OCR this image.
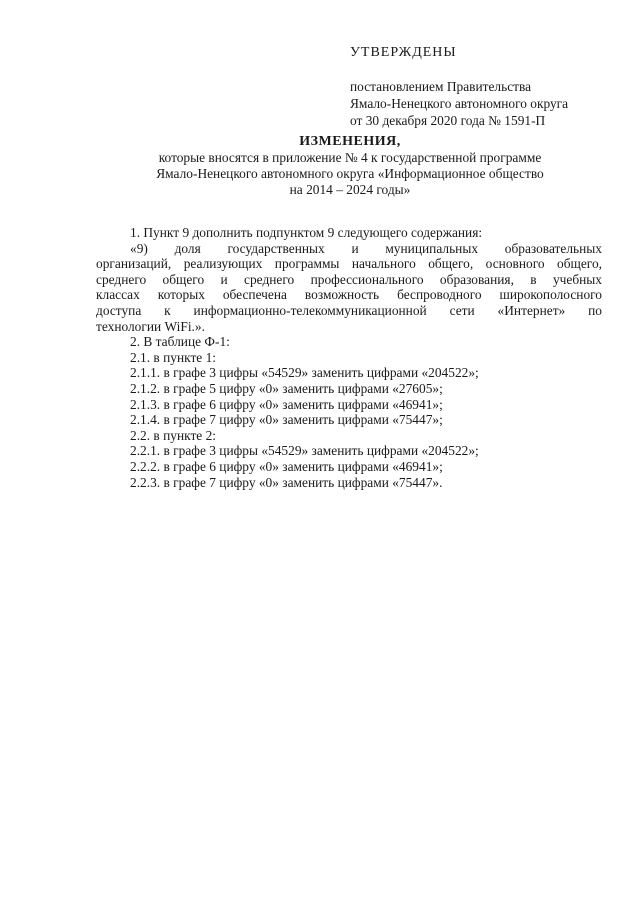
УТВЕРЖДЕНЫ
постановлением Правительства
Ямало-Ненецкого автономного округа
от 30 декабря 2020 года № 1591-П
ИЗМЕНЕНИЯ,
которые вносятся в приложение № 4 к государственной программе
Ямало-Ненецкого автономного округа «Информационное общество
на 2014 – 2024 годы»
1. Пункт 9 дополнить подпунктом 9 следующего содержания:
«9) доля государственных и муниципальных образовательных
организаций, реализующих программы начального общего, основного общего,
среднего общего и среднего профессионального образования, в учебных
классах которых обеспечена возможность беспроводного широкополосного
доступа к информационно-телекоммуникационной сети «Интернет» по
технологии WiFi.».
2. В таблице Ф-1:
2.1. в пункте 1:
2.1.1. в графе 3 цифры «54529» заменить цифрами «204522»;
2.1.2. в графе 5 цифру «0» заменить цифрами «27605»;
2.1.3. в графе 6 цифру «0» заменить цифрами «46941»;
2.1.4. в графе 7 цифру «0» заменить цифрами «75447»;
2.2. в пункте 2:
2.2.1. в графе 3 цифры «54529» заменить цифрами «204522»;
2.2.2. в графе 6 цифру «0» заменить цифрами «46941»;
2.2.3. в графе 7 цифру «0» заменить цифрами «75447».
